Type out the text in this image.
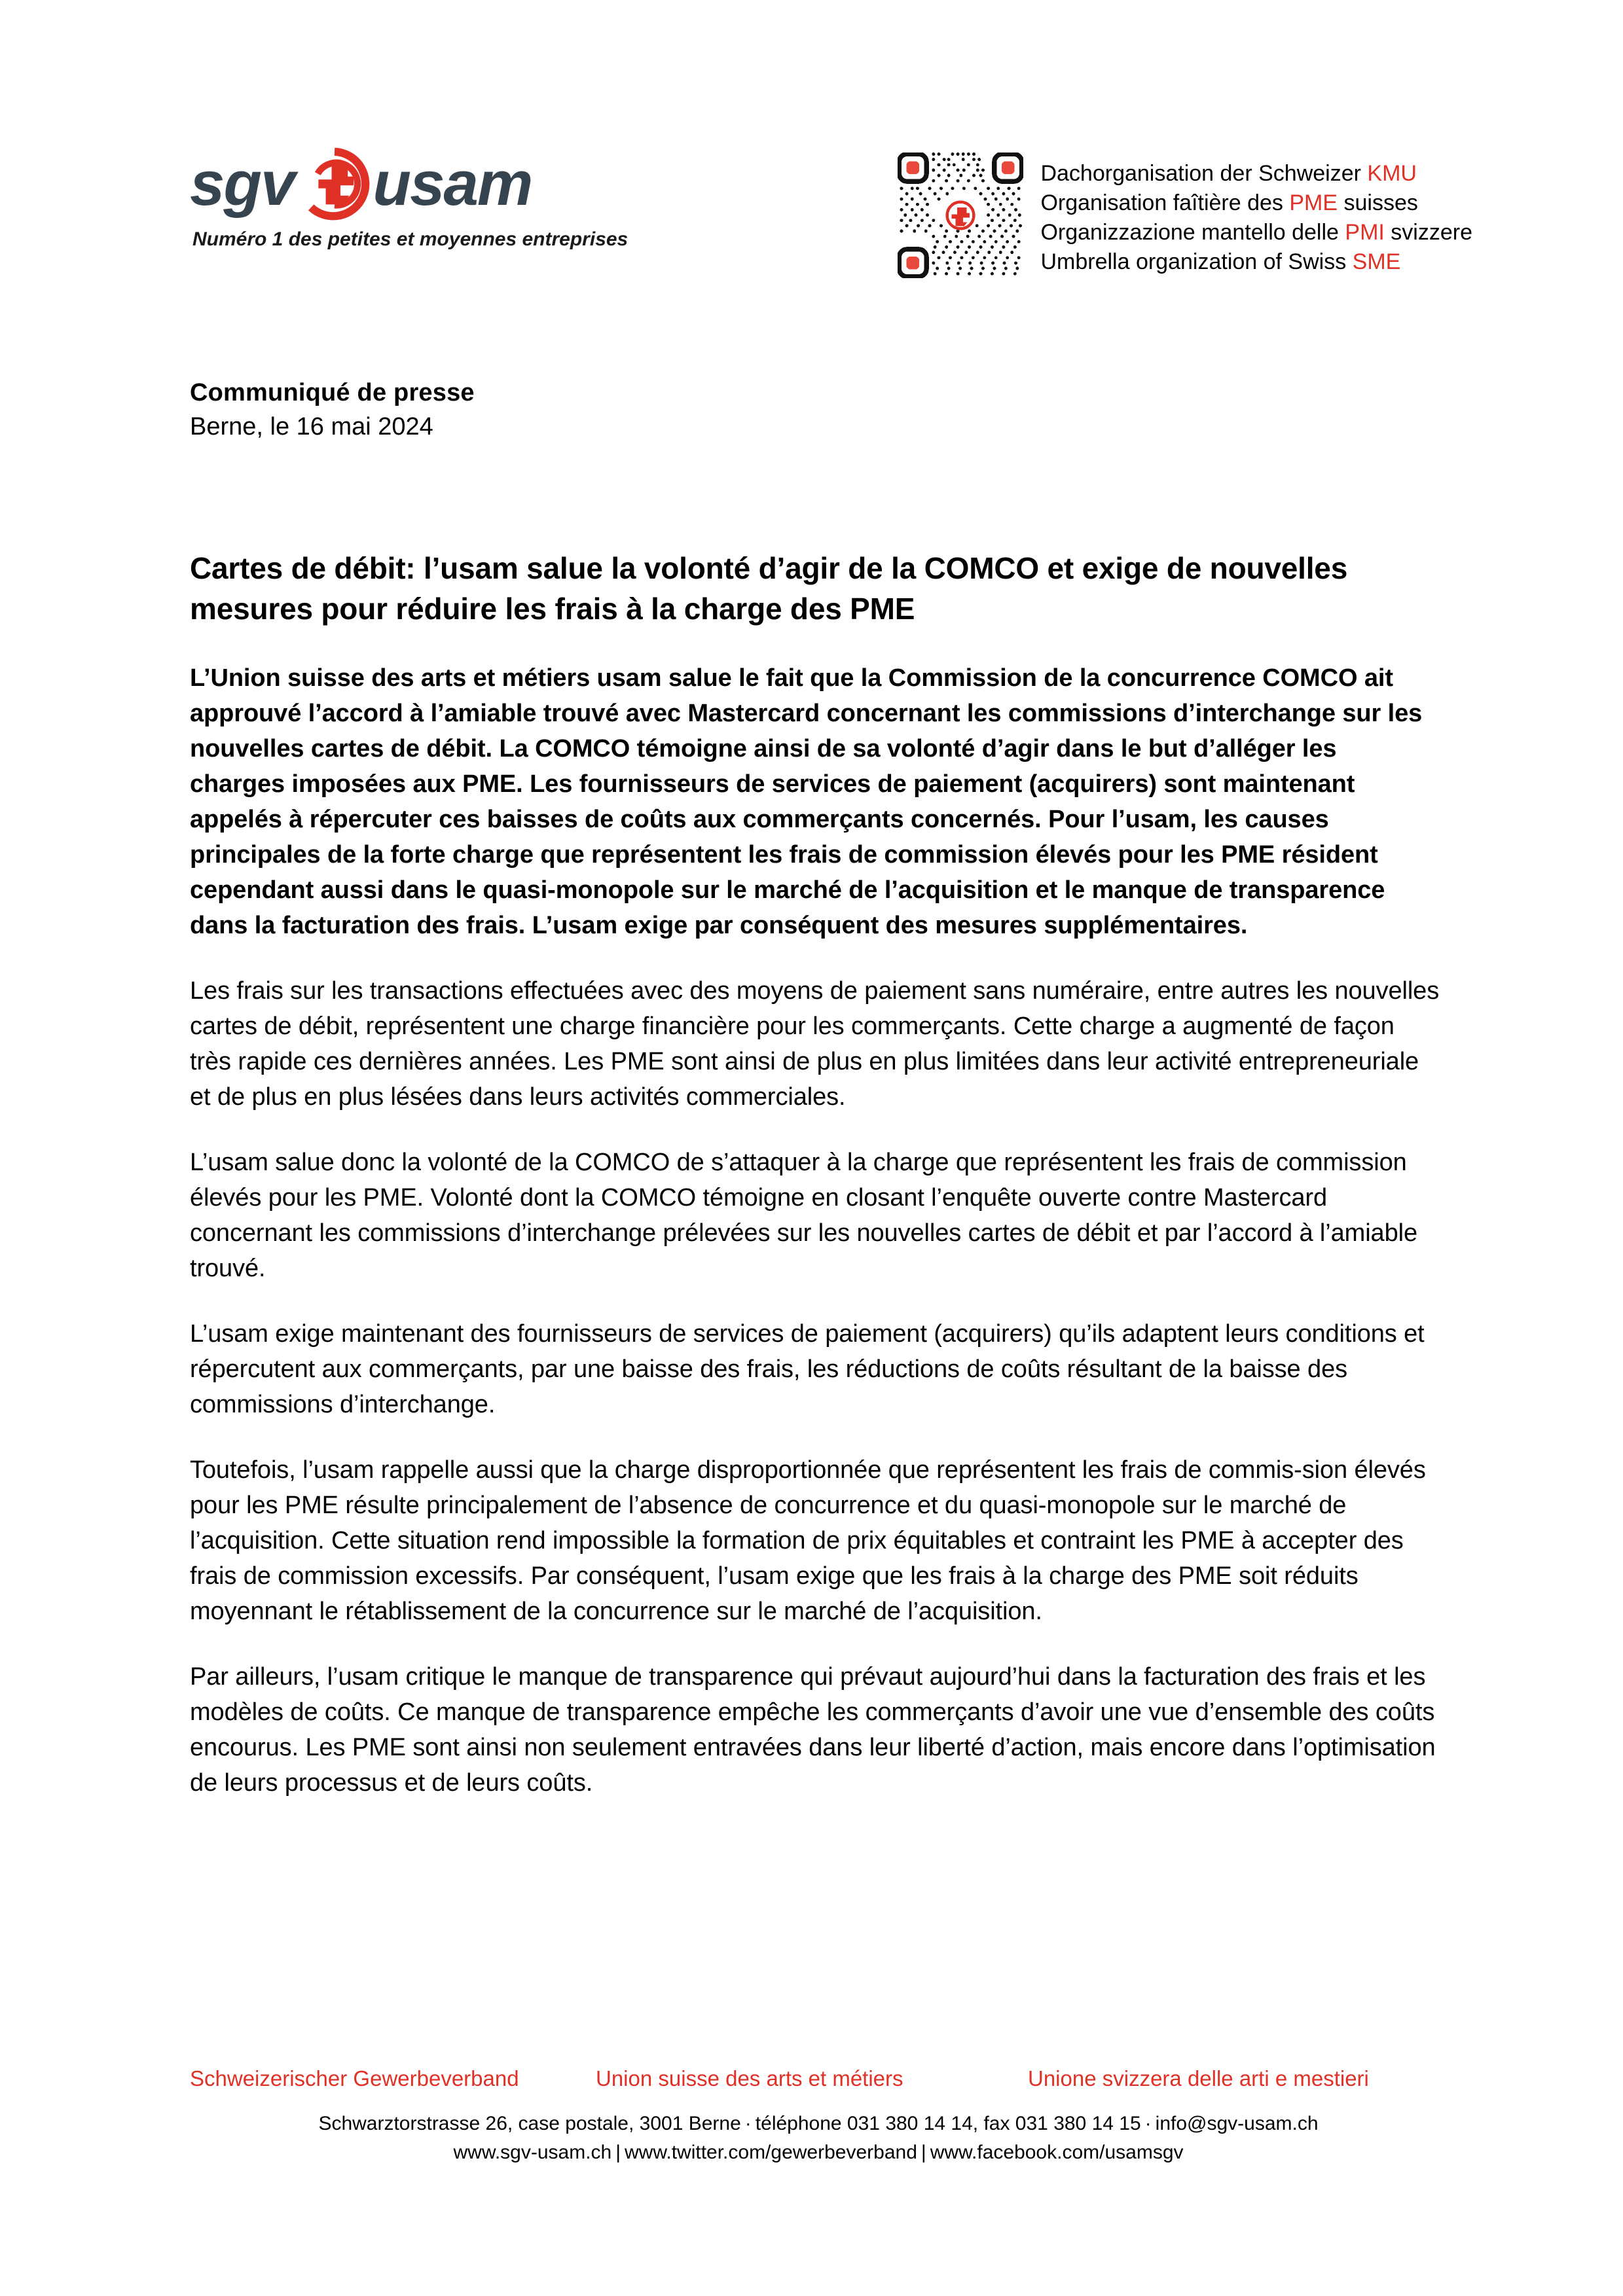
sgv usam
Numéro 1 des petites et moyennes entreprises
Dachorganisation der Schweizer KMU
Organisation faîtière des PME suisses
Organizzazione mantello delle PMI svizzere
Umbrella organization of Swiss SME
Communiqué de presse
Berne, le 16 mai 2024
Cartes de débit: l’usam salue la volonté d’agir de la COMCO et exige de nouvelles mesures pour réduire les frais à la charge des PME

L’Union suisse des arts et métiers usam salue le fait que la Commission de la concurrence COMCO ait approuvé l’accord à l’amiable trouvé avec Mastercard concernant les commissions d’interchange sur les nouvelles cartes de débit. La COMCO témoigne ainsi de sa volonté d’agir dans le but d’alléger les charges imposées aux PME. Les fournisseurs de services de paiement (acquirers) sont maintenant appelés à répercuter ces baisses de coûts aux commerçants concernés. Pour l’usam, les causes principales de la forte charge que représentent les frais de commission élevés pour les PME résident cependant aussi dans le quasi-monopole sur le marché de l’acquisition et le manque de transparence dans la facturation des frais. L’usam exige par conséquent des mesures supplémentaires.

Les frais sur les transactions effectuées avec des moyens de paiement sans numéraire, entre autres les nouvelles cartes de débit, représentent une charge financière pour les commerçants. Cette charge a augmenté de façon très rapide ces dernières années. Les PME sont ainsi de plus en plus limitées dans leur activité entrepreneuriale et de plus en plus lésées dans leurs activités commerciales.

L’usam salue donc la volonté de la COMCO de s’attaquer à la charge que représentent les frais de commission élevés pour les PME. Volonté dont la COMCO témoigne en closant l’enquête ouverte contre Mastercard concernant les commissions d’interchange prélevées sur les nouvelles cartes de débit et par l’accord à l’amiable trouvé.

L’usam exige maintenant des fournisseurs de services de paiement (acquirers) qu’ils adaptent leurs conditions et répercutent aux commerçants, par une baisse des frais, les réductions de coûts résultant de la baisse des commissions d’interchange.

Toutefois, l’usam rappelle aussi que la charge disproportionnée que représentent les frais de commis-sion élevés pour les PME résulte principalement de l’absence de concurrence et du quasi-monopole sur le marché de l’acquisition. Cette situation rend impossible la formation de prix équitables et contraint les PME à accepter des frais de commission excessifs. Par conséquent, l’usam exige que les frais à la charge des PME soit réduits moyennant le rétablissement de la concurrence sur le marché de l’acquisition.

Par ailleurs, l’usam critique le manque de transparence qui prévaut aujourd’hui dans la facturation des frais et les modèles de coûts. Ce manque de transparence empêche les commerçants d’avoir une vue d’ensemble des coûts encourus. Les PME sont ainsi non seulement entravées dans leur liberté d’action, mais encore dans l’optimisation de leurs processus et de leurs coûts.

Schweizerischer Gewerbeverband	Union suisse des arts et métiers	Unione svizzera delle arti e mestieri
Schwarztorstrasse 26, case postale, 3001 Berne · téléphone 031 380 14 14, fax 031 380 14 15 · info@sgv-usam.ch
www.sgv-usam.ch | www.twitter.com/gewerbeverband | www.facebook.com/usamsgv
